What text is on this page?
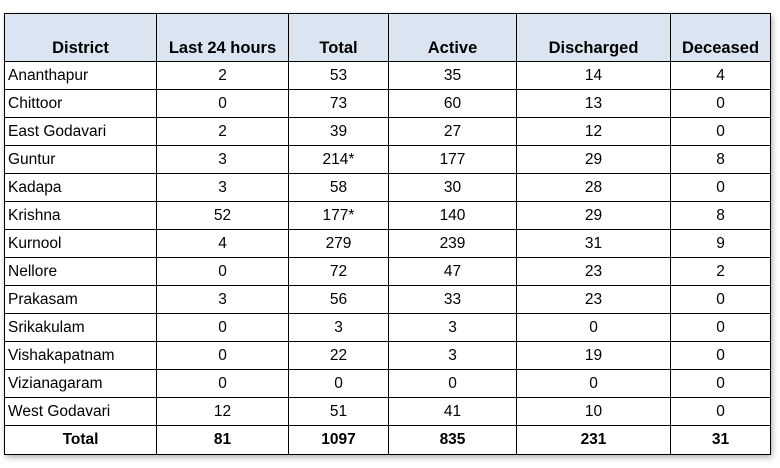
District	Last 24 hours	Total	Active	Discharged	Deceased
Ananthapur	2	53	35	14	4
Chittoor	0	73	60	13	0
East Godavari	2	39	27	12	0
Guntur	3	214*	177	29	8
Kadapa	3	58	30	28	0
Krishna	52	177*	140	29	8
Kurnool	4	279	239	31	9
Nellore	0	72	47	23	2
Prakasam	3	56	33	23	0
Srikakulam	0	3	3	0	0
Vishakapatnam	0	22	3	19	0
Vizianagaram	0	0	0	0	0
West Godavari	12	51	41	10	0
Total	81	1097	835	231	31
